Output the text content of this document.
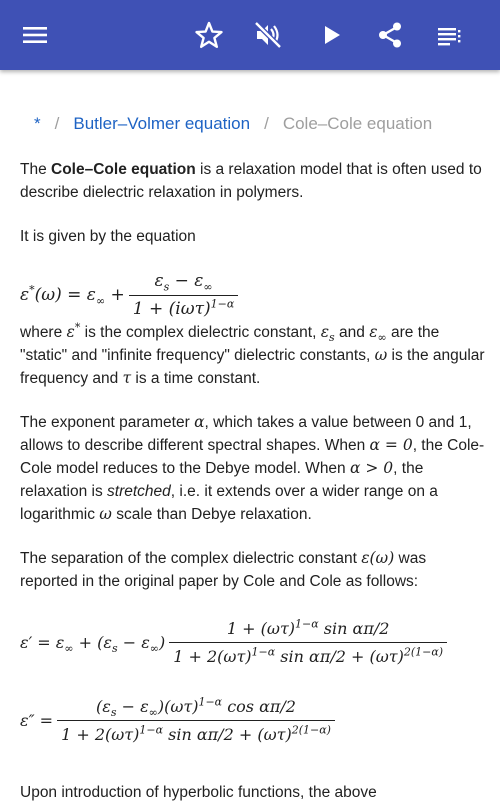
* / Butler–Volmer equation / Cole–Cole equation

The Cole–Cole equation is a relaxation model that is often used to describe dielectric relaxation in polymers.

It is given by the equation

$\varepsilon^*(\omega) = \varepsilon_\infty + \frac{\varepsilon_s - \varepsilon_\infty}{1 + (i\omega\tau)^{1-\alpha}}$

where ε* is the complex dielectric constant, $\varepsilon_s$ and $\varepsilon_\infty$ are the "static" and "infinite frequency" dielectric constants, ω is the angular frequency and τ is a time constant.

The exponent parameter α, which takes a value between 0 and 1, allows to describe different spectral shapes. When α = 0, the Cole-Cole model reduces to the Debye model. When α > 0, the relaxation is stretched, i.e. it extends over a wider range on a logarithmic ω scale than Debye relaxation.

The separation of the complex dielectric constant ε(ω) was reported in the original paper by Cole and Cole as follows:

$\varepsilon' = \varepsilon_\infty + (\varepsilon_s - \varepsilon_\infty) \frac{1 + (\omega\tau)^{1-\alpha} \sin \alpha\pi/2}{1 + 2(\omega\tau)^{1-\alpha} \sin \alpha\pi/2 + (\omega\tau)^{2(1-\alpha)}}$
$\varepsilon'' = \frac{(\varepsilon_s - \varepsilon_\infty)(\omega\tau)^{1-\alpha} \cos \alpha\pi/2}{1 + 2(\omega\tau)^{1-\alpha} \sin \alpha\pi/2 + (\omega\tau)^{2(1-\alpha)}}$

Upon introduction of hyperbolic functions, the above
